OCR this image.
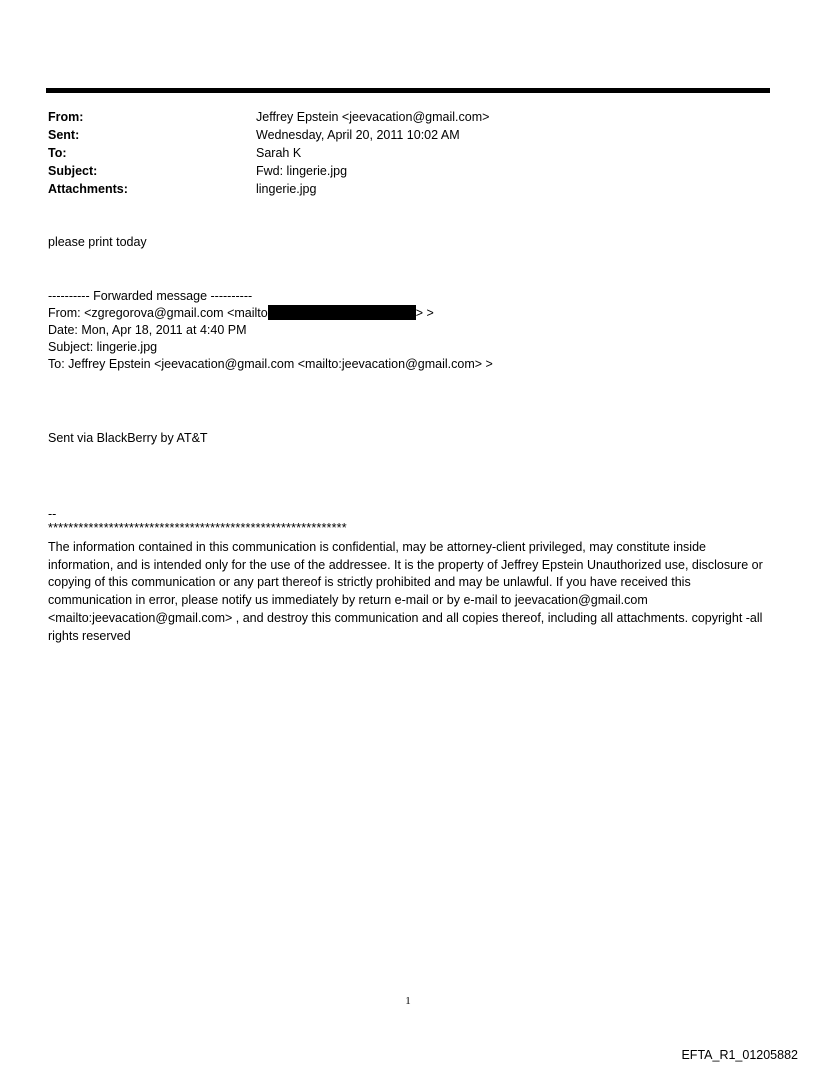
From:	Jeffrey Epstein <jeevacation@gmail.com>
Sent:	Wednesday, April 20, 2011 10:02 AM
To:	Sarah K
Subject:	Fwd: lingerie.jpg
Attachments:	lingerie.jpg
please print today
---------- Forwarded message ----------
From: <zgregorova@gmail.com <mailto	> >
Date: Mon, Apr 18, 2011 at 4:40 PM
Subject: lingerie.jpg
To: Jeffrey Epstein <jeevacation@gmail.com <mailto:jeevacation@gmail.com> >
Sent via BlackBerry by AT&T
--
***********************************************************
The information contained in this communication is confidential, may be attorney-client privileged, may constitute inside information, and is intended only for the use of the addressee. It is the property of Jeffrey Epstein Unauthorized use, disclosure or copying of this communication or any part thereof is strictly prohibited and may be unlawful. If you have received this communication in error, please notify us immediately by return e-mail or by e-mail to jeevacation@gmail.com <mailto:jeevacation@gmail.com> , and destroy this communication and all copies thereof, including all attachments. copyright -all rights reserved
1
EFTA_R1_01205882
